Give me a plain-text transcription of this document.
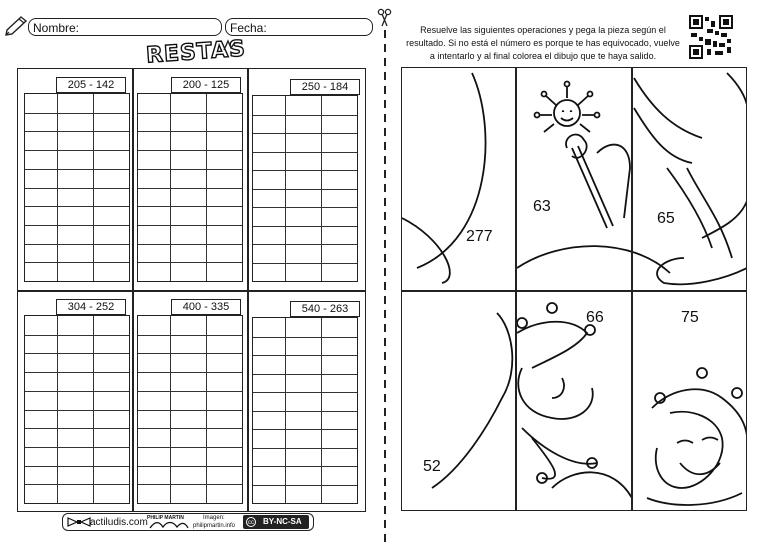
Nombre:	Fecha:
RESTAS
205 - 142	200 - 125	250 - 184
304 - 252	400 - 335	540 - 263
Resuelve las siguientes operaciones y pega la pieza según el resultado. Si no está el número es porque te has equivocado, vuelve a intentarlo y al final colorea el dibujo que te haya salido.
277
63
65
52
66	75
actiludis.com PHILIP MARTIN	Imagen:
philipmartin.info	cc BY-NC-SA
